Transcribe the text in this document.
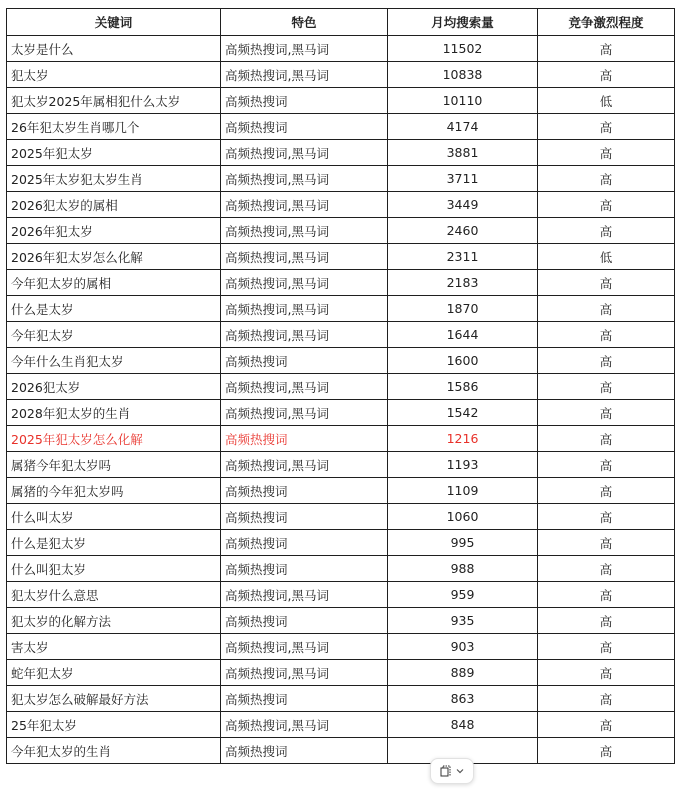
关键词	特色	月均搜索量	竞争激烈程度
太岁是什么	高频热搜词,黑马词	11502	高
犯太岁	高频热搜词,黑马词	10838	高
犯太岁2025年属相犯什么太岁	高频热搜词	10110	低
26年犯太岁生肖哪几个	高频热搜词	4174	高
2025年犯太岁	高频热搜词,黑马词	3881	高
2025年太岁犯太岁生肖	高频热搜词,黑马词	3711	高
2026犯太岁的属相	高频热搜词,黑马词	3449	高
2026年犯太岁	高频热搜词,黑马词	2460	高
2026年犯太岁怎么化解	高频热搜词,黑马词	2311	低
今年犯太岁的属相	高频热搜词,黑马词	2183	高
什么是太岁	高频热搜词,黑马词	1870	高
今年犯太岁	高频热搜词,黑马词	1644	高
今年什么生肖犯太岁	高频热搜词	1600	高
2026犯太岁	高频热搜词,黑马词	1586	高
2028年犯太岁的生肖	高频热搜词,黑马词	1542	高
2025年犯太岁怎么化解	高频热搜词	1216	高
属猪今年犯太岁吗	高频热搜词,黑马词	1193	高
属猪的今年犯太岁吗	高频热搜词	1109	高
什么叫太岁	高频热搜词	1060	高
什么是犯太岁	高频热搜词	995	高
什么叫犯太岁	高频热搜词	988	高
犯太岁什么意思	高频热搜词,黑马词	959	高
犯太岁的化解方法	高频热搜词	935	高
害太岁	高频热搜词,黑马词	903	高
蛇年犯太岁	高频热搜词,黑马词	889	高
犯太岁怎么破解最好方法	高频热搜词	863	高
25年犯太岁	高频热搜词,黑马词	848	高
今年犯太岁的生肖	高频热搜词		高
